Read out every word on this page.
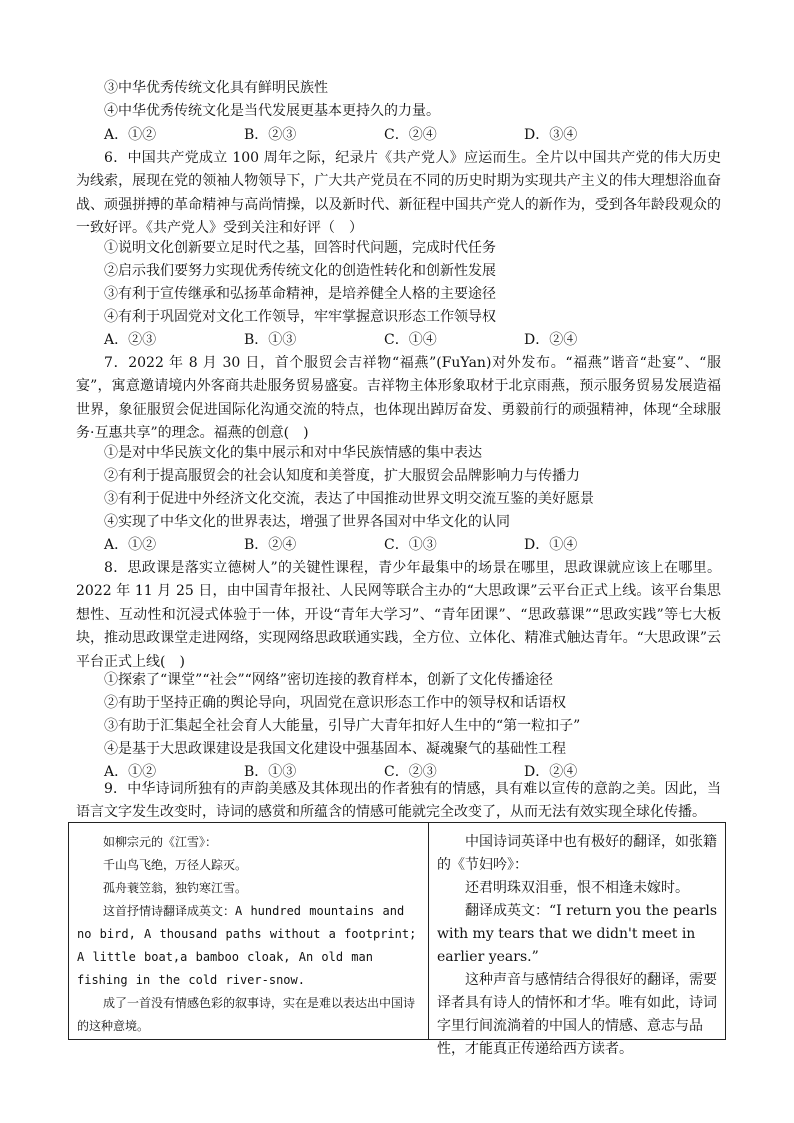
③中华优秀传统文化具有鲜明民族性
④中华优秀传统文化是当代发展更基本更持久的力量。
A．①②	B．②③	C．②④	D．③④
6．中国共产党成立 100 周年之际，纪录片《共产党人》应运而生。全片以中国共产党的伟大历史为线索，展现在党的领袖人物领导下，广大共产党员在不同的历史时期为实现共产主义的伟大理想浴血奋战、顽强拼搏的革命精神与高尚情操，以及新时代、新征程中国共产党人的新作为，受到各年龄段观众的一致好评。《共产党人》受到关注和好评（　）
①说明文化创新要立足时代之基，回答时代问题，完成时代任务
②启示我们要努力实现优秀传统文化的创造性转化和创新性发展
③有利于宣传继承和弘扬革命精神，是培养健全人格的主要途径
④有利于巩固党对文化工作领导，牢牢掌握意识形态工作领导权
A．②③	B．①③	C．①④	D．②④
7．2022 年 8 月 30 日，首个服贸会吉祥物“福燕”(FuYan)对外发布。“福燕”谐音“赴宴”、“服宴”，寓意邀请境内外客商共赴服务贸易盛宴。吉祥物主体形象取材于北京雨燕，预示服务贸易发展造福世界，象征服贸会促进国际化沟通交流的特点，也体现出踔厉奋发、勇毅前行的顽强精神，体现“全球服务·互惠共享”的理念。福燕的创意(　)
①是对中华民族文化的集中展示和对中华民族情感的集中表达
②有利于提高服贸会的社会认知度和美誉度，扩大服贸会品牌影响力与传播力
③有利于促进中外经济文化交流，表达了中国推动世界文明交流互鉴的美好愿景
④实现了中华文化的世界表达，增强了世界各国对中华文化的认同
A．①②	B．②④	C．①③	D．①④
8．思政课是落实立德树人”的关键性课程，青少年最集中的场景在哪里，思政课就应该上在哪里。2022 年 11 月 25 日，由中国青年报社、人民网等联合主办的“大思政课”云平台正式上线。该平台集思想性、互动性和沉浸式体验于一体，开设“青年大学习”、“青年团课”、“思政慕课”“思政实践”等七大板块，推动思政课堂走进网络，实现网络思政联通实践，全方位、立体化、精准式触达青年。“大思政课”云平台正式上线(　)
①探索了“课堂”“社会”“网络”密切连接的教育样本，创新了文化传播途径
②有助于坚持正确的舆论导向，巩固党在意识形态工作中的领导权和话语权
③有助于汇集起全社会育人大能量，引导广大青年扣好人生中的“第一粒扣子”
④是基于大思政课建设是我国文化建设中强基固本、凝魂聚气的基础性工程
A．①②	B．①③	C．②③	D．②④
9．中华诗词所独有的声韵美感及其体现出的作者独有的情感，具有难以宣传的意韵之美。因此，当语言文字发生改变时，诗词的感赏和所蕴含的情感可能就完全改变了，从而无法有效实现全球化传播。
如柳宗元的《江雪》：
千山鸟飞绝，万径人踪灭。
孤舟蓑笠翁，独钓寒江雪。
这首抒情诗翻译成英文：A hundred mountains and no bird, A thousand paths without a footprint; A little boat,a bamboo cloak, An old man fishing in the cold river-snow.
成了一首没有情感色彩的叙事诗，实在是难以表达出中国诗的这种意境。
中国诗词英译中也有极好的翻译，如张籍的《节妇吟》：
还君明珠双泪垂，恨不相逢未嫁时。
翻译成英文：“I return you the pearls with my tears that we didn't meet in earlier years.”
这种声音与感情结合得很好的翻译，需要译者具有诗人的情怀和才华。唯有如此，诗词字里行间流淌着的中国人的情感、意志与品性，才能真正传递给西方读者。
